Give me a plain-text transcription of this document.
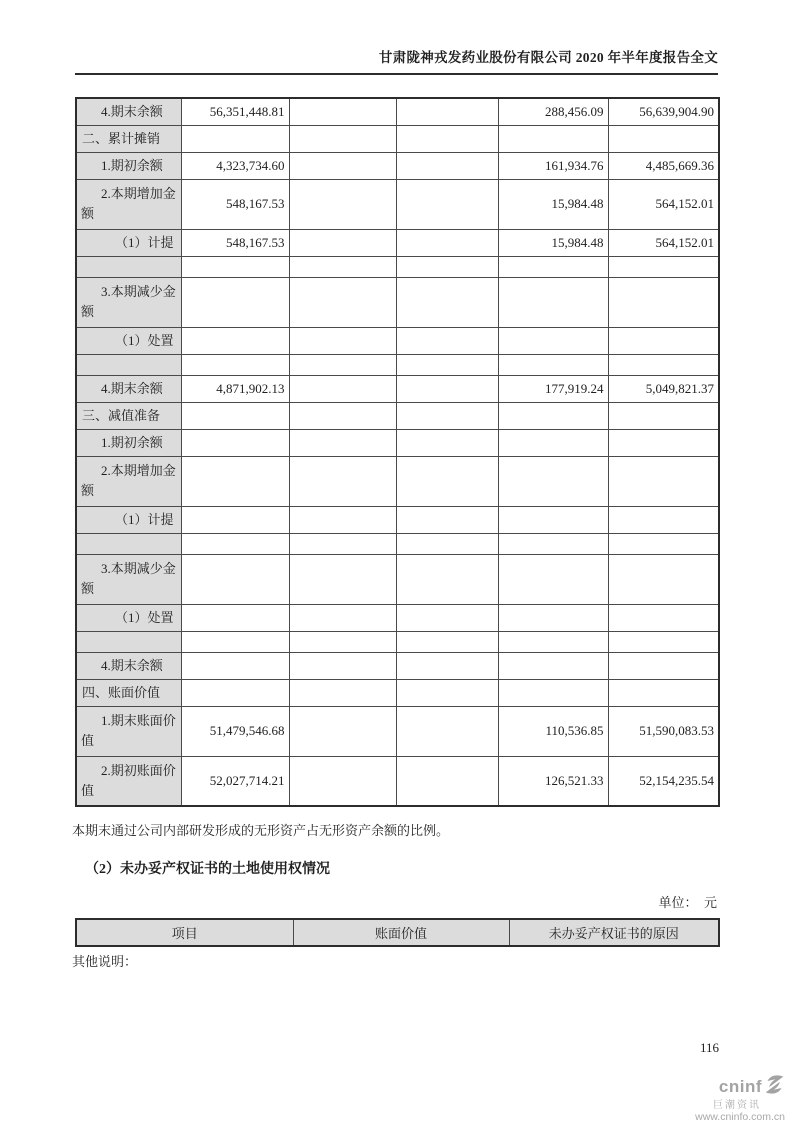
甘肃陇神戎发药业股份有限公司 2020 年半年度报告全文
4.期末余额	56,351,448.81			288,456.09	56,639,904.90
二、累计摊销					
1.期初余额	4,323,734.60			161,934.76	4,485,669.36
2.本期增加金额	548,167.53			15,984.48	564,152.01
（1）计提	548,167.53			15,984.48	564,152.01

3.本期减少金额					
（1）处置					

4.期末余额	4,871,902.13			177,919.24	5,049,821.37
三、减值准备					
1.期初余额					
2.本期增加金额					
（1）计提					

3.本期减少金额					
（1）处置					

4.期末余额					
四、账面价值					
1.期末账面价值	51,479,546.68			110,536.85	51,590,083.53
2.期初账面价值	52,027,714.21			126,521.33	52,154,235.54
本期末通过公司内部研发形成的无形资产占无形资产余额的比例。
（2）未办妥产权证书的土地使用权情况
单位：  元
项目	账面价值	未办妥产权证书的原因
其他说明：
116
cninf
巨潮资讯
www.cninfo.com.cn
